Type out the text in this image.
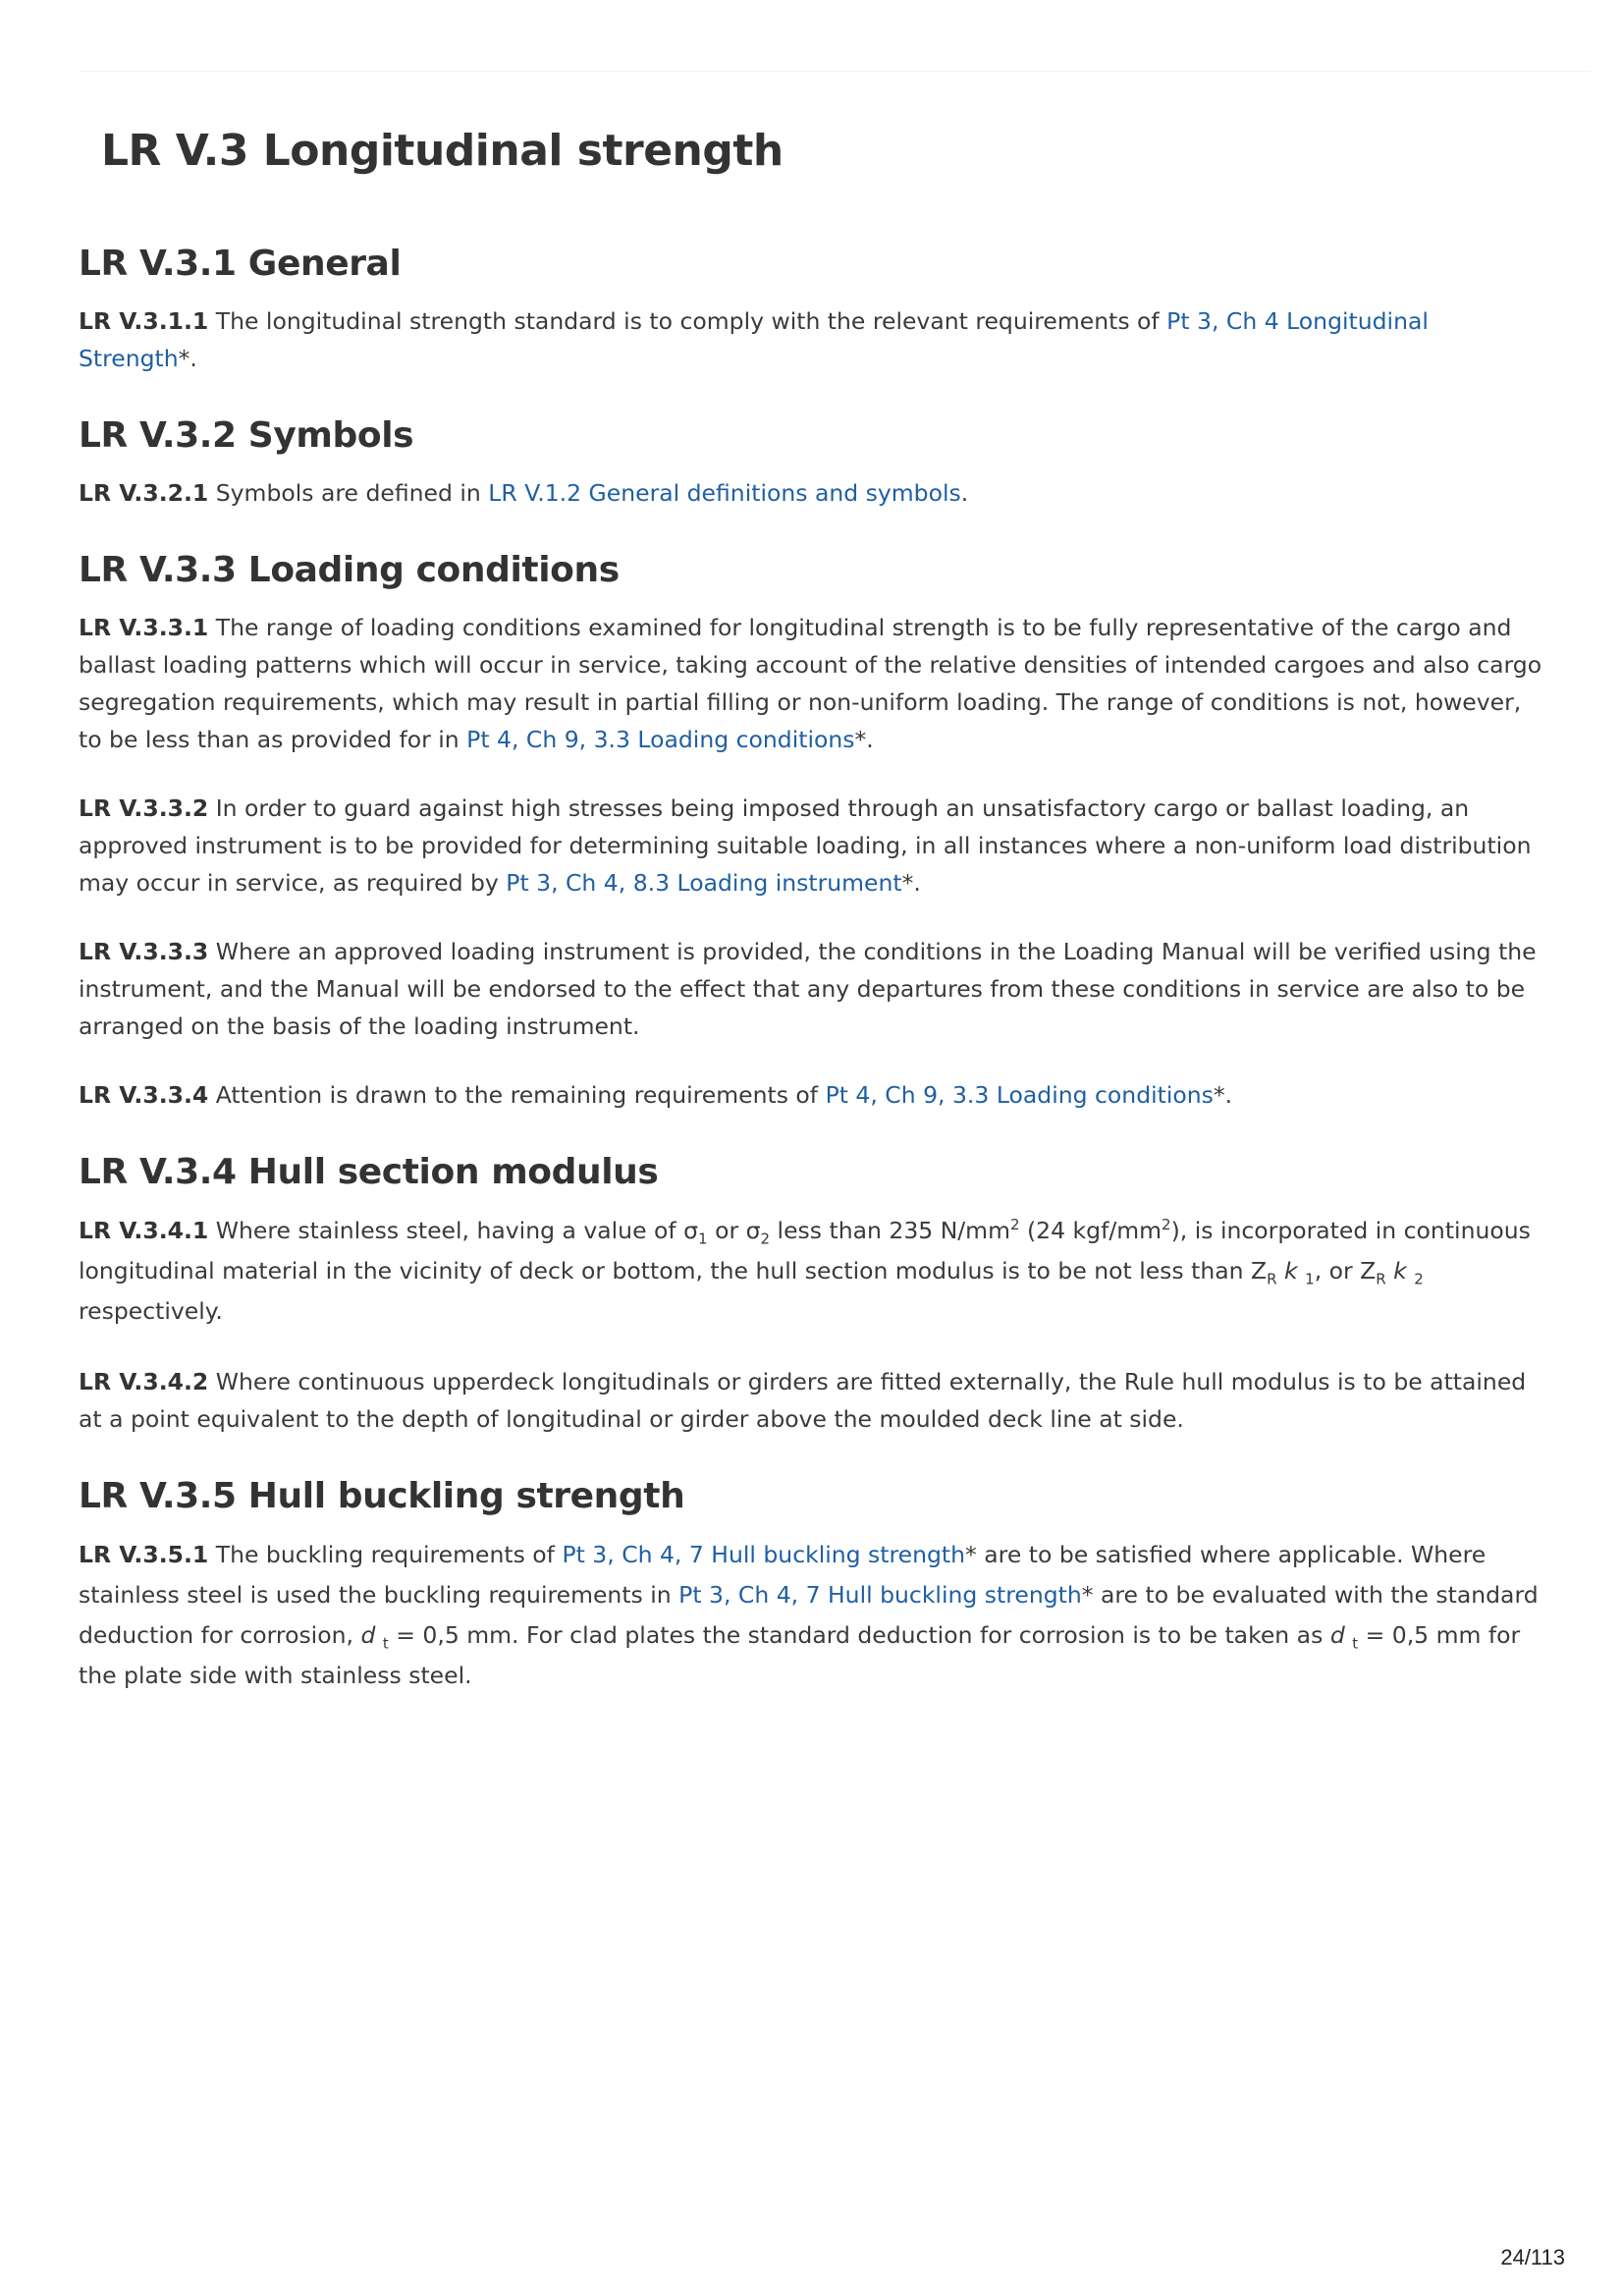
LR V.3 Longitudinal strength
LR V.3.1 General

LR V.3.1.1 The longitudinal strength standard is to comply with the relevant requirements of Pt 3, Ch 4 Longitudinal Strength*.

LR V.3.2 Symbols

LR V.3.2.1 Symbols are defined in LR V.1.2 General definitions and symbols.

LR V.3.3 Loading conditions

LR V.3.3.1 The range of loading conditions examined for longitudinal strength is to be fully representative of the cargo and ballast loading patterns which will occur in service, taking account of the relative densities of intended cargoes and also cargo segregation requirements, which may result in partial filling or non-uniform loading. The range of conditions is not, however, to be less than as provided for in Pt 4, Ch 9, 3.3 Loading conditions*.

LR V.3.3.2 In order to guard against high stresses being imposed through an unsatisfactory cargo or ballast loading, an approved instrument is to be provided for determining suitable loading, in all instances where a non-uniform load distribution may occur in service, as required by Pt 3, Ch 4, 8.3 Loading instrument*.

LR V.3.3.3 Where an approved loading instrument is provided, the conditions in the Loading Manual will be verified using the instrument, and the Manual will be endorsed to the effect that any departures from these conditions in service are also to be arranged on the basis of the loading instrument.

LR V.3.3.4 Attention is drawn to the remaining requirements of Pt 4, Ch 9, 3.3 Loading conditions*.

LR V.3.4 Hull section modulus

LR V.3.4.1 Where stainless steel, having a value of $\sigma_1$ or $\sigma_2$ less than 235 $N/mm^2$ (24 kgf/$mm^2$), is incorporated in continuous longitudinal material in the vicinity of deck or bottom, the hull section modulus is to be not less than $Z_R$ k $_1$, or $Z_R$ k $_2$ respectively.

LR V.3.4.2 Where continuous upperdeck longitudinals or girders are fitted externally, the Rule hull modulus is to be attained at a point equivalent to the depth of longitudinal or girder above the moulded deck line at side.

LR V.3.5 Hull buckling strength

LR V.3.5.1 The buckling requirements of Pt 3, Ch 4, 7 Hull buckling strength* are to be satisfied where applicable. Where stainless steel is used the buckling requirements in Pt 3, Ch 4, 7 Hull buckling strength* are to be evaluated with the standard deduction for corrosion, d $_t$ = 0,5 mm. For clad plates the standard deduction for corrosion is to be taken as d $_t$ = 0,5 mm for the plate side with stainless steel.

24/113
